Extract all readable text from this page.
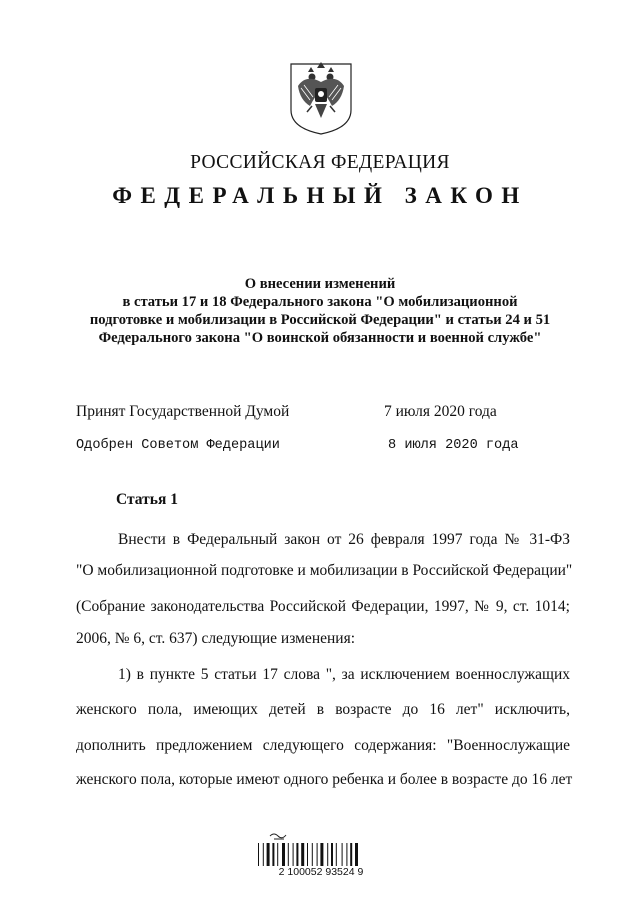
РОССИЙСКАЯ ФЕДЕРАЦИЯ
ФЕДЕРАЛЬНЫЙ ЗАКОН
О внесении изменений
в статьи 17 и 18 Федерального закона "О мобилизационной
подготовке и мобилизации в Российской Федерации" и статьи 24 и 51
Федерального закона "О воинской обязанности и военной службе"
Принят Государственной Думой	7 июля 2020 года
Одобрен Советом Федерации	8 июля 2020 года
Статья 1
Внести в Федеральный закон от 26 февраля 1997 года № 31-ФЗ
"О мобилизационной подготовке и мобилизации в Российской Федерации"
(Собрание законодательства Российской Федерации, 1997, № 9, ст. 1014;
2006, № 6, ст. 637) следующие изменения:
1) в пункте 5 статьи 17 слова ", за исключением военнослужащих
женского пола, имеющих детей в возрасте до 16 лет" исключить,
дополнить предложением следующего содержания: "Военнослужащие
женского пола, которые имеют одного ребенка и более в возрасте до 16 лет
2 100052 93524 9
